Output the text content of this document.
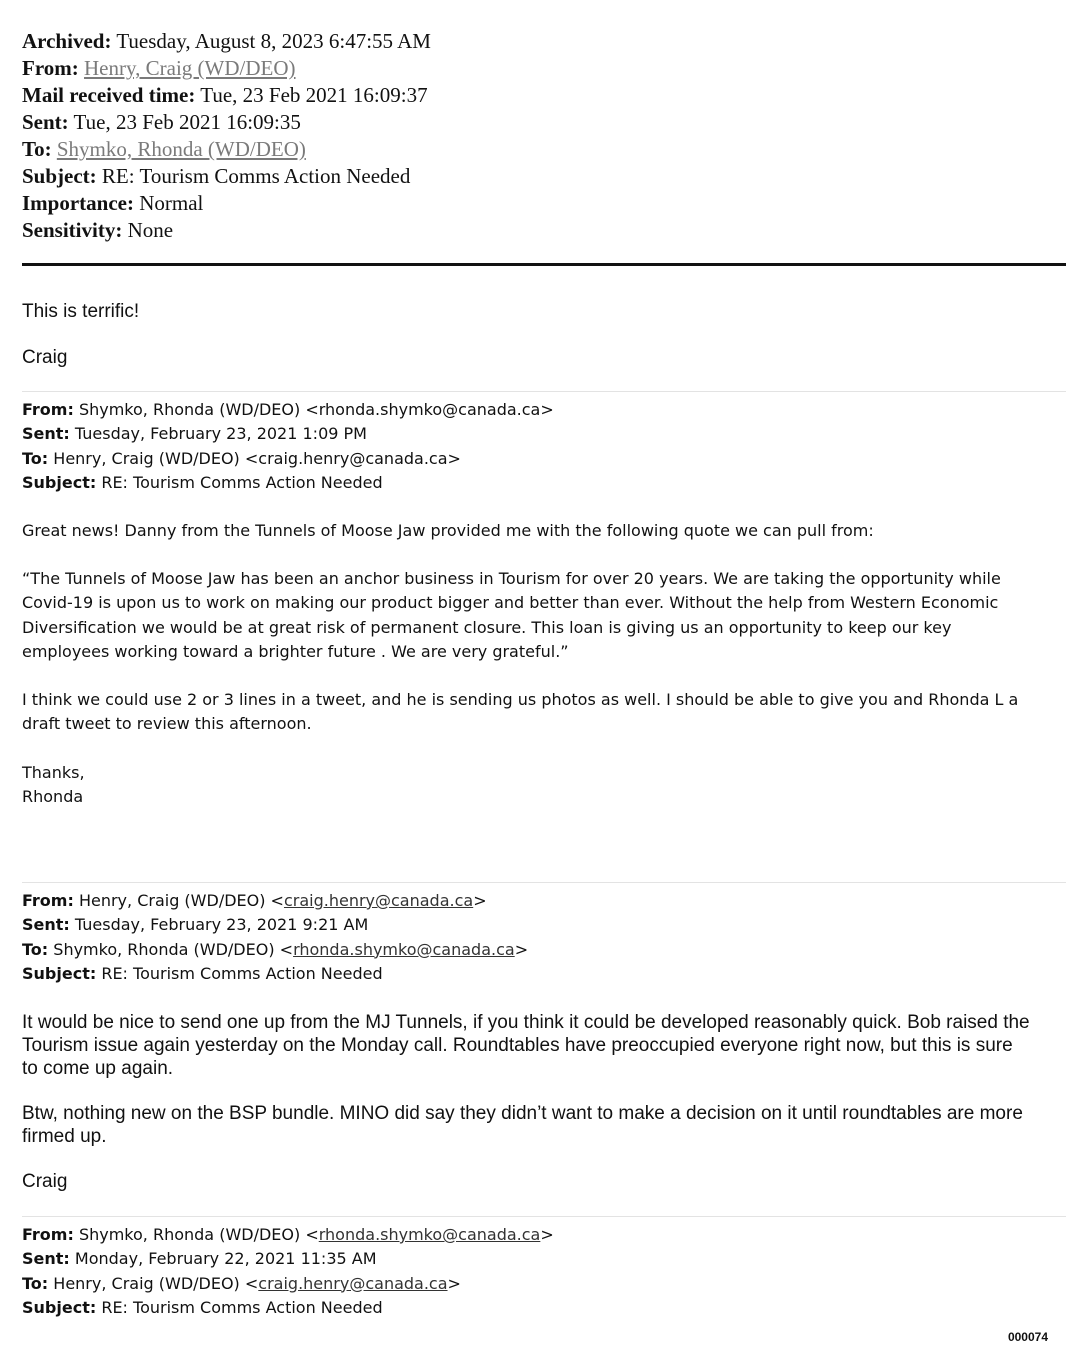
Archived: Tuesday, August 8, 2023 6:47:55 AM
From: Henry, Craig (WD/DEO)
Mail received time: Tue, 23 Feb 2021 16:09:37
Sent: Tue, 23 Feb 2021 16:09:35
To: Shymko, Rhonda (WD/DEO)
Subject: RE: Tourism Comms Action Needed
Importance: Normal
Sensitivity: None
This is terrific!
Craig

From: Shymko, Rhonda (WD/DEO) <rhonda.shymko@canada.ca>

Sent: Tuesday, February 23, 2021 1:09 PM

To: Henry, Craig (WD/DEO) <craig.henry@canada.ca>

Subject: RE: Tourism Comms Action Needed

Great news! Danny from the Tunnels of Moose Jaw provided me with the following quote we can pull from:

“The Tunnels of Moose Jaw has been an anchor business in Tourism for over 20 years. We are taking the opportunity while

Covid-19 is upon us to work on making our product bigger and better than ever. Without the help from Western Economic

Diversification we would be at great risk of permanent closure. This loan is giving us an opportunity to keep our key

employees working toward a brighter future . We are very grateful.”

I think we could use 2 or 3 lines in a tweet, and he is sending us photos as well. I should be able to give you and Rhonda L a

draft tweet to review this afternoon.

Thanks,

Rhonda

From: Henry, Craig (WD/DEO) <craig.henry@canada.ca>

Sent: Tuesday, February 23, 2021 9:21 AM

To: Shymko, Rhonda (WD/DEO) <rhonda.shymko@canada.ca>

Subject: RE: Tourism Comms Action Needed

It would be nice to send one up from the MJ Tunnels, if you think it could be developed reasonably quick. Bob raised the
Tourism issue again yesterday on the Monday call. Roundtables have preoccupied everyone right now, but this is sure
to come up again.
Btw, nothing new on the BSP bundle. MINO did say they didn’t want to make a decision on it until roundtables are more
firmed up.
Craig

From: Shymko, Rhonda (WD/DEO) <rhonda.shymko@canada.ca>

Sent: Monday, February 22, 2021 11:35 AM

To: Henry, Craig (WD/DEO) <craig.henry@canada.ca>

Subject: RE: Tourism Comms Action Needed

000074
